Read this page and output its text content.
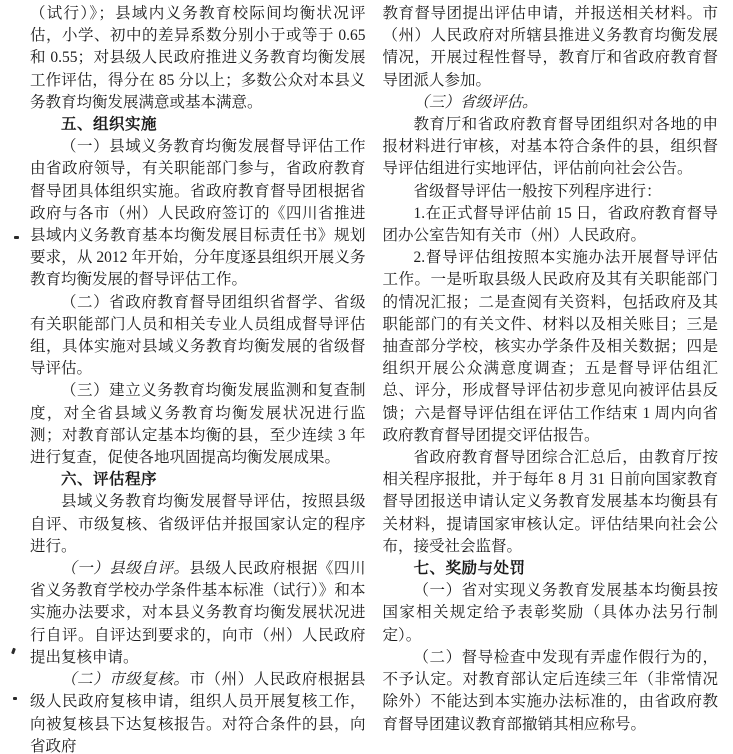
（试行）》；县域内义务教育校际间均衡状况评估，小学、初中的差异系数分别小于或等于 0.65 和 0.55；对县级人民政府推进义务教育均衡发展工作评估，得分在 85 分以上；多数公众对本县义务教育均衡发展满意或基本满意。

五、组织实施

（一）县域义务教育均衡发展督导评估工作由省政府领导，有关职能部门参与，省政府教育督导团具体组织实施。省政府教育督导团根据省政府与各市（州）人民政府签订的《四川省推进县域内义务教育基本均衡发展目标责任书》规划要求，从 2012 年开始，分年度逐县组织开展义务教育均衡发展的督导评估工作。

（二）省政府教育督导团组织省督学、省级有关职能部门人员和相关专业人员组成督导评估组，具体实施对县域义务教育均衡发展的省级督导评估。

（三）建立义务教育均衡发展监测和复查制度，对全省县域义务教育均衡发展状况进行监测；对教育部认定基本均衡的县，至少连续 3 年进行复查，促使各地巩固提高均衡发展成果。

六、评估程序

县域义务教育均衡发展督导评估，按照县级自评、市级复核、省级评估并报国家认定的程序进行。

（一）县级自评。县级人民政府根据《四川省义务教育学校办学条件基本标准（试行）》和本实施办法要求，对本县义务教育均衡发展状况进行自评。自评达到要求的，向市（州）人民政府提出复核申请。

（二）市级复核。市（州）人民政府根据县级人民政府复核申请，组织人员开展复核工作，向被复核县下达复核报告。对符合条件的县，向省政府

教育督导团提出评估申请，并报送相关材料。市（州）人民政府对所辖县推进义务教育均衡发展情况，开展过程性督导，教育厅和省政府教育督导团派人参加。

（三）省级评估。

教育厅和省政府教育督导团组织对各地的申报材料进行审核，对基本符合条件的县，组织督导评估组进行实地评估，评估前向社会公告。

省级督导评估一般按下列程序进行：

1.在正式督导评估前 15 日，省政府教育督导团办公室告知有关市（州）人民政府。

2.督导评估组按照本实施办法开展督导评估工作。一是听取县级人民政府及其有关职能部门的情况汇报；二是查阅有关资料，包括政府及其职能部门的有关文件、材料以及相关账目；三是抽查部分学校，核实办学条件及相关数据；四是组织开展公众满意度调查；五是督导评估组汇总、评分，形成督导评估初步意见向被评估县反馈；六是督导评估组在评估工作结束 1 周内向省政府教育督导团提交评估报告。

省政府教育督导团综合汇总后，由教育厅按相关程序报批，并于每年 8 月 31 日前向国家教育督导团报送申请认定义务教育发展基本均衡县有关材料，提请国家审核认定。评估结果向社会公布，接受社会监督。

七、奖励与处罚

（一）省对实现义务教育发展基本均衡县按国家相关规定给予表彰奖励（具体办法另行制定）。

（二）督导检查中发现有弄虚作假行为的，不予认定。对教育部认定后连续三年（非常情况除外）不能达到本实施办法标准的，由省政府教育督导团建议教育部撤销其相应称号。
